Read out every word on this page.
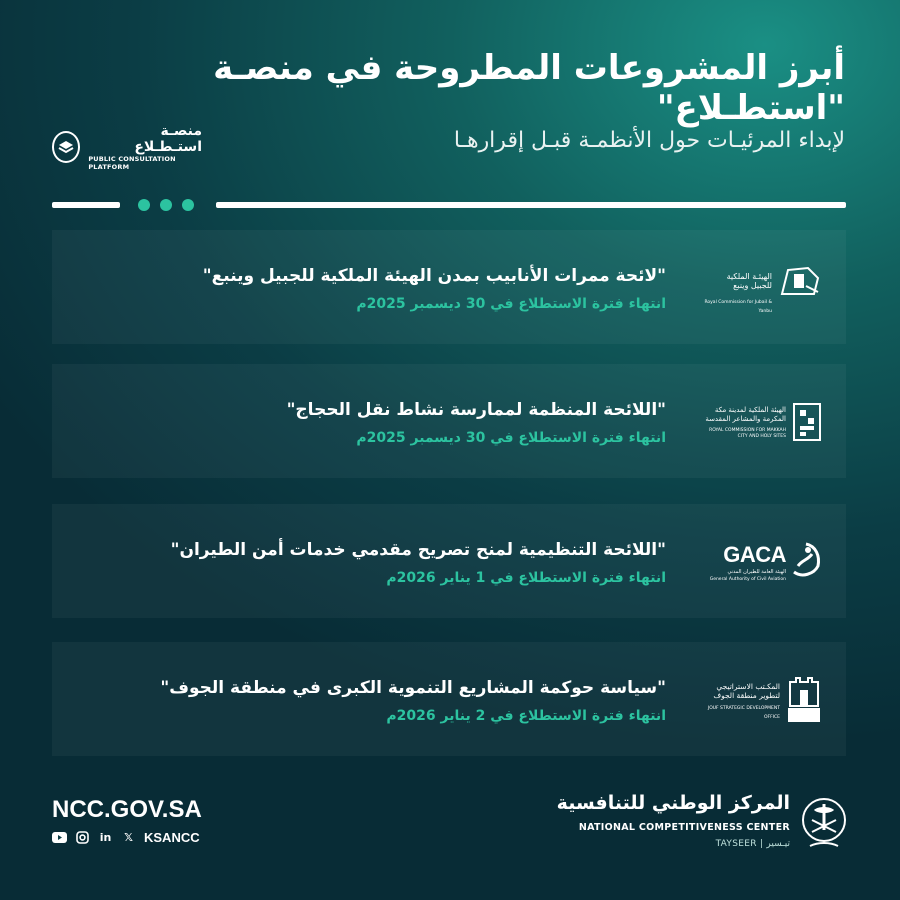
أبرز المشروعات المطروحة في منصـة "استطـلاع"
لإبداء المرئيـات حول الأنظمـة قبـل إقرارهـا
منصـة استـطـلاع
PUBLIC CONSULTATION PLATFORM
الهيئـة الملكية للجبيل وينبع
Royal Commission for Jubail & Yanbu
"لائحة ممرات الأنابيب بمدن الهيئة الملكية للجبيل وينبع"
انتهاء فترة الاستطلاع في 30 ديسمبر 2025م
الهيئة الملكية لمدينة مكة المكرمة والمشاعر المقدسة
ROYAL COMMISSION FOR MAKKAH CITY AND HOLY SITES
"اللائحة المنظمة لممارسة نشاط نقل الحجاج"
انتهاء فترة الاستطلاع في 30 ديسمبر 2025م
GACA
الهيئة العامة للطيران المدني
General Authority of Civil Aviation
"اللائحة التنظيمية لمنح تصريح مقدمي خدمات أمن الطيران"
انتهاء فترة الاستطلاع في 1 يناير 2026م
المكـتب الاستراتيجي لتطوير منطقة الجوف
JOUF STRATEGIC DEVELOPMENT OFFICE
"سياسة حوكمة المشاريع التنموية الكبرى في منطقة الجوف"
انتهاء فترة الاستطلاع في 2 يناير 2026م
NCC.GOV.SA
in 𝕏 KSANCC
المركز الوطني للتنافسية
NATIONAL COMPETITIVENESS CENTER
TAYSEER | تيـسير
